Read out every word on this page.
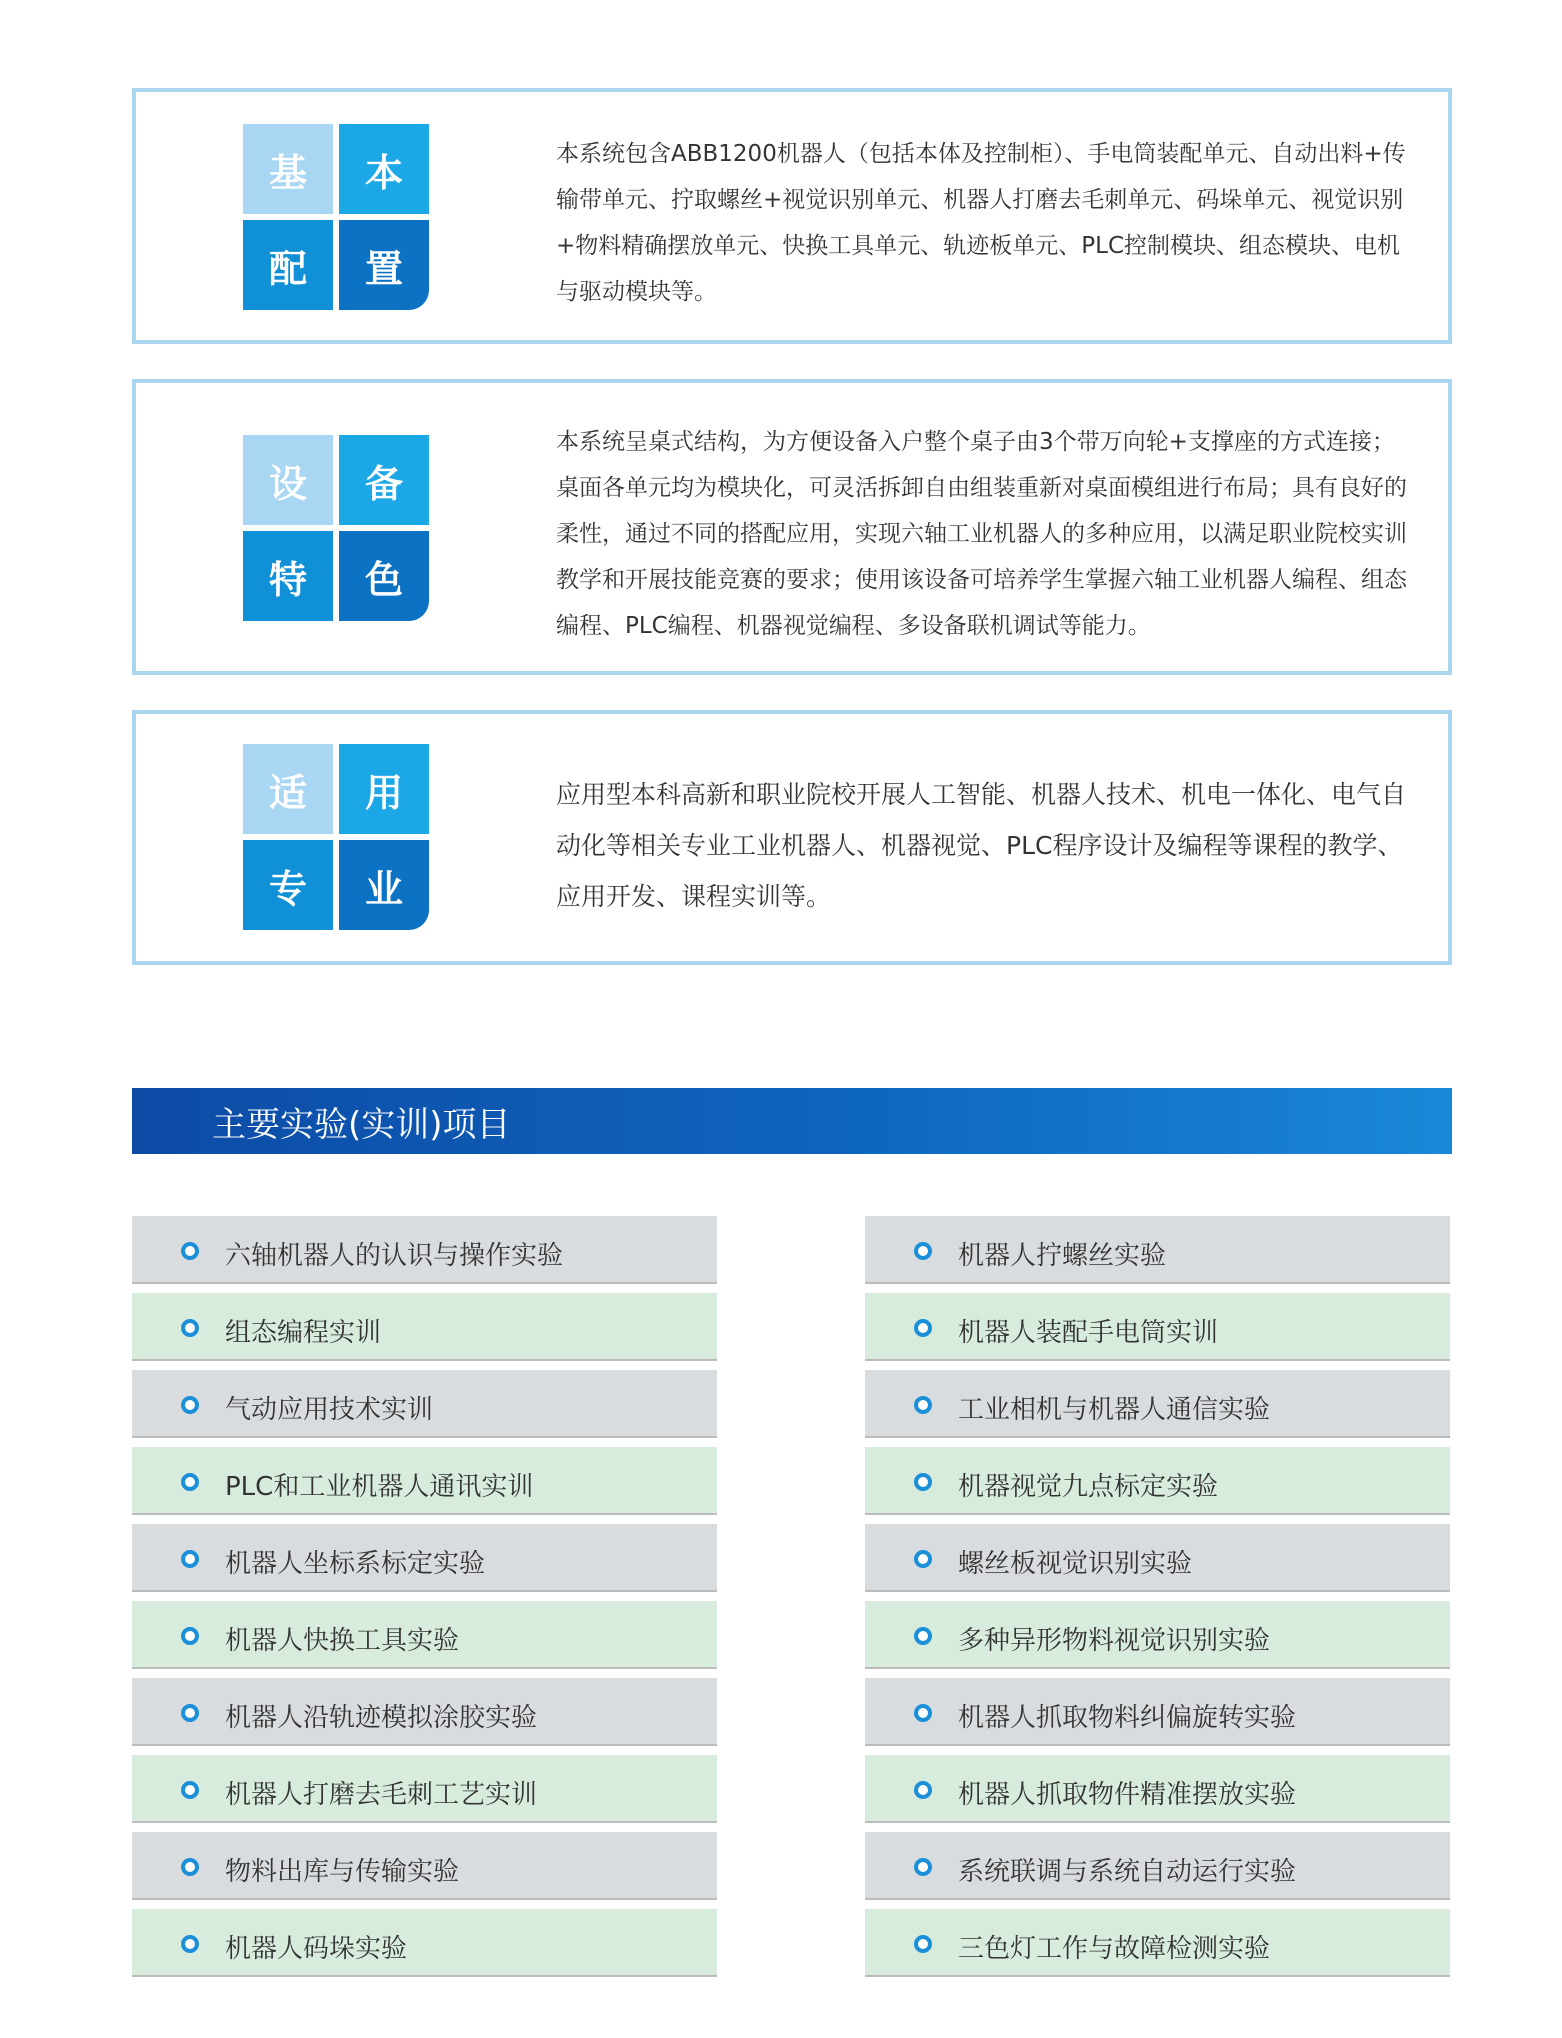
基	本
配	置

本系统包含ABB1200机器人（包括本体及控制柜）、手电筒装配单元、自动出料+传输带单元、拧取螺丝+视觉识别单元、机器人打磨去毛刺单元、码垛单元、视觉识别+物料精确摆放单元、快换工具单元、轨迹板单元、PLC控制模块、组态模块、电机与驱动模块等。

设	备
特	色

本系统呈桌式结构，为方便设备入户整个桌子由3个带万向轮+支撑座的方式连接；桌面各单元均为模块化，可灵活拆卸自由组装重新对桌面模组进行布局；具有良好的柔性，通过不同的搭配应用，实现六轴工业机器人的多种应用，以满足职业院校实训教学和开展技能竞赛的要求；使用该设备可培养学生掌握六轴工业机器人编程、组态编程、PLC编程、机器视觉编程、多设备联机调试等能力。

适	用
专	业

应用型本科高新和职业院校开展人工智能、机器人技术、机电一体化、电气自动化等相关专业工业机器人、机器视觉、PLC程序设计及编程等课程的教学、应用开发、课程实训等。

主要实验(实训)项目
六轴机器人的认识与操作实验
组态编程实训
气动应用技术实训
PLC和工业机器人通讯实训
机器人坐标系标定实验
机器人快换工具实验
机器人沿轨迹模拟涂胶实验
机器人打磨去毛刺工艺实训
物料出库与传输实验
机器人码垛实验
机器人拧螺丝实验
机器人装配手电筒实训
工业相机与机器人通信实验
机器视觉九点标定实验
螺丝板视觉识别实验
多种异形物料视觉识别实验
机器人抓取物料纠偏旋转实验
机器人抓取物件精准摆放实验
系统联调与系统自动运行实验
三色灯工作与故障检测实验
